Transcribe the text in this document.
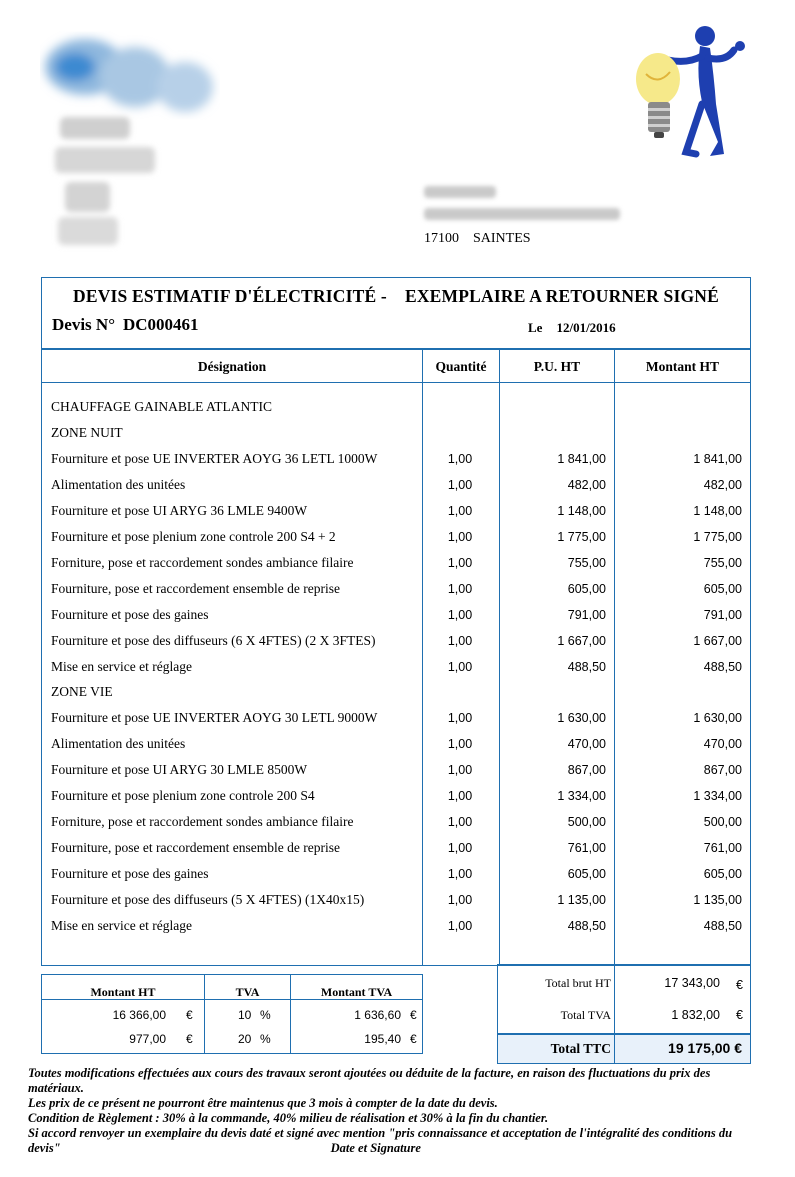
17100 SAINTES
DEVIS ESTIMATIF D'ÉLECTRICITÉ - EXEMPLAIRE A RETOURNER SIGNÉ
Devis N° DC000461	Le 12/01/2016
Désignation	Quantité	P.U. HT	Montant HT
CHAUFFAGE GAINABLE ATLANTIC
ZONE NUIT
Fourniture et pose UE INVERTER AOYG 36 LETL 1000W	1,00	1 841,00	1 841,00
Alimentation des unitées	1,00	482,00	482,00
Fourniture et pose UI ARYG 36 LMLE 9400W	1,00	1 148,00	1 148,00
Fourniture et pose plenium zone controle 200 S4 + 2	1,00	1 775,00	1 775,00
Forniture, pose et raccordement sondes ambiance filaire	1,00	755,00	755,00
Fourniture, pose et raccordement ensemble de reprise	1,00	605,00	605,00
Fourniture et pose des gaines	1,00	791,00	791,00
Fourniture et pose des diffuseurs (6 X 4FTES) (2 X 3FTES)	1,00	1 667,00	1 667,00
Mise en service et réglage	1,00	488,50	488,50
ZONE VIE
Fourniture et pose UE INVERTER AOYG 30 LETL 9000W	1,00	1 630,00	1 630,00
Alimentation des unitées	1,00	470,00	470,00
Fourniture et pose UI ARYG 30 LMLE 8500W	1,00	867,00	867,00
Fourniture et pose plenium zone controle 200 S4	1,00	1 334,00	1 334,00
Forniture, pose et raccordement sondes ambiance filaire	1,00	500,00	500,00
Fourniture, pose et raccordement ensemble de reprise	1,00	761,00	761,00
Fourniture et pose des gaines	1,00	605,00	605,00
Fourniture et pose des diffuseurs (5 X 4FTES) (1X40x15)	1,00	1 135,00	1 135,00
Mise en service et réglage	1,00	488,50	488,50
Montant HT	TVA	Montant TVA
16 366,00 €	10 %	1 636,60 €
977,00 €	20 %	195,40 €
Total brut HT	17 343,00 €
Total TVA	1 832,00 €
Total TTC	19 175,00 €

Toutes modifications effectuées aux cours des travaux seront ajoutées ou déduite de la facture, en raison des fluctuations du prix des matériaux.

Les prix de ce présent ne pourront être maintenus que 3 mois à compter de la date du devis.

Condition de Règlement : 30% à la commande, 40% milieu de réalisation et 30% à la fin du chantier.

Si accord renvoyer un exemplaire du devis daté et signé avec mention "pris connaissance et acceptation de l'intégralité des conditions du devis"	Date et Signature
